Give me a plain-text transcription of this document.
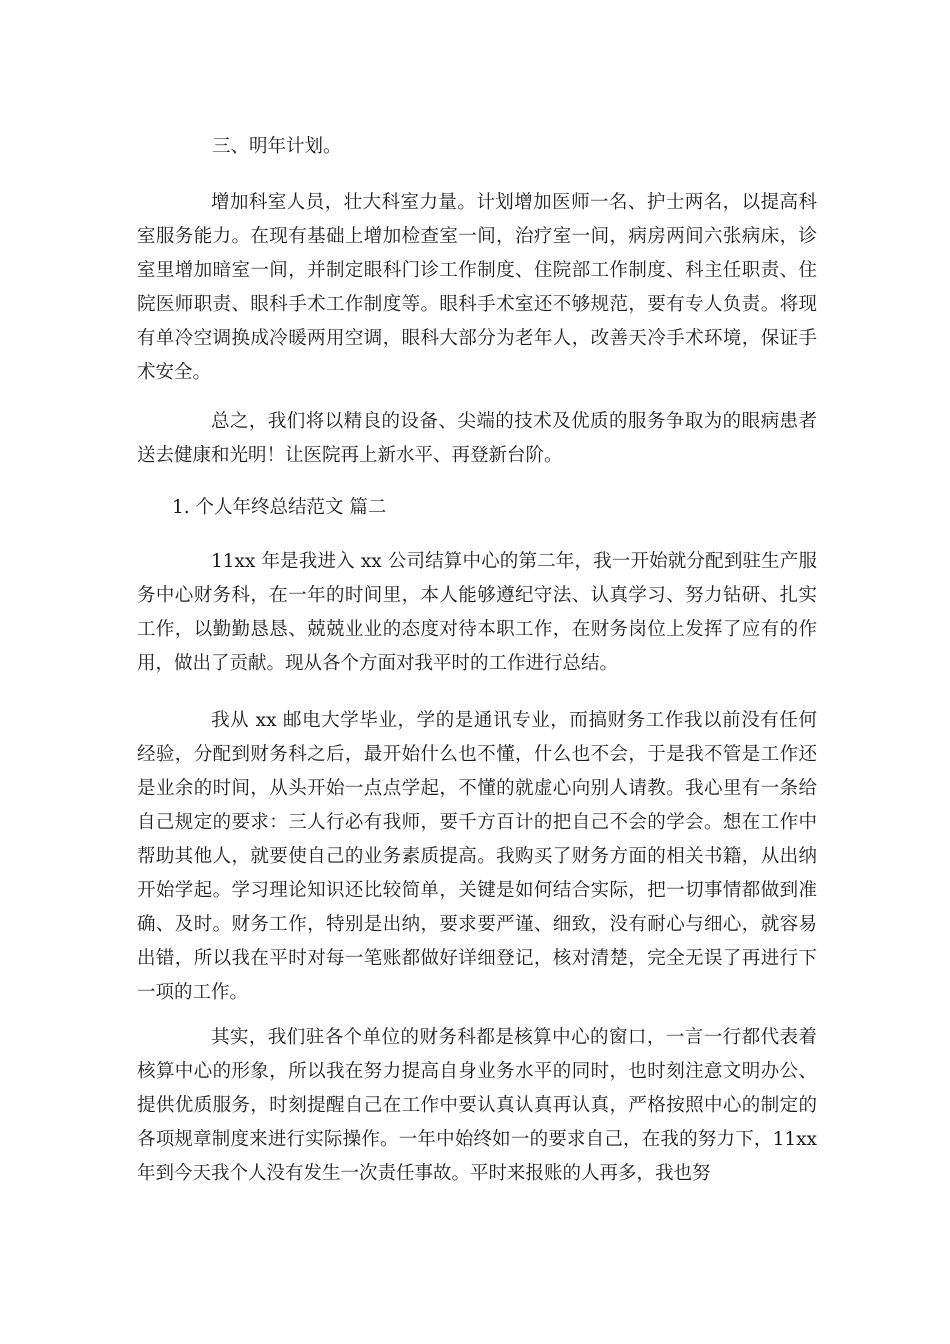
三、明年计划。

增加科室人员，壮大科室力量。计划增加医师一名、护士两名，以提高科室服务能力。在现有基础上增加检查室一间，治疗室一间，病房两间六张病床，诊室里增加暗室一间，并制定眼科门诊工作制度、住院部工作制度、科主任职责、住院医师职责、眼科手术工作制度等。眼科手术室还不够规范，要有专人负责。将现有单冷空调换成冷暖两用空调，眼科大部分为老年人，改善天冷手术环境，保证手术安全。
总之，我们将以精良的设备、尖端的技术及优质的服务争取为的眼病患者送去健康和光明！让医院再上新水平、再登新台阶。

1. 个人年终总结范文 篇二

11xx 年是我进入 xx 公司结算中心的第二年，我一开始就分配到驻生产服务中心财务科，在一年的时间里，本人能够遵纪守法、认真学习、努力钻研、扎实工作，以勤勤恳恳、兢兢业业的态度对待本职工作，在财务岗位上发挥了应有的作用，做出了贡献。现从各个方面对我平时的工作进行总结。
我从 xx 邮电大学毕业，学的是通讯专业，而搞财务工作我以前没有任何经验，分配到财务科之后，最开始什么也不懂，什么也不会，于是我不管是工作还是业余的时间，从头开始一点点学起，不懂的就虚心向别人请教。我心里有一条给自己规定的要求：三人行必有我师，要千方百计的把自己不会的学会。想在工作中帮助其他人，就要使自己的业务素质提高。我购买了财务方面的相关书籍，从出纳开始学起。学习理论知识还比较简单，关键是如何结合实际，把一切事情都做到准确、及时。财务工作，特别是出纳，要求要严谨、细致，没有耐心与细心，就容易出错，所以我在平时对每一笔账都做好详细登记，核对清楚，完全无误了再进行下一项的工作。
其实，我们驻各个单位的财务科都是核算中心的窗口，一言一行都代表着核算中心的形象，所以我在努力提高自身业务水平的同时，也时刻注意文明办公、提供优质服务，时刻提醒自己在工作中要认真认真再认真，严格按照中心的制定的各项规章制度来进行实际操作。一年中始终如一的要求自己，在我的努力下，11xx 年到今天我个人没有发生一次责任事故。平时来报账的人再多，我也努
